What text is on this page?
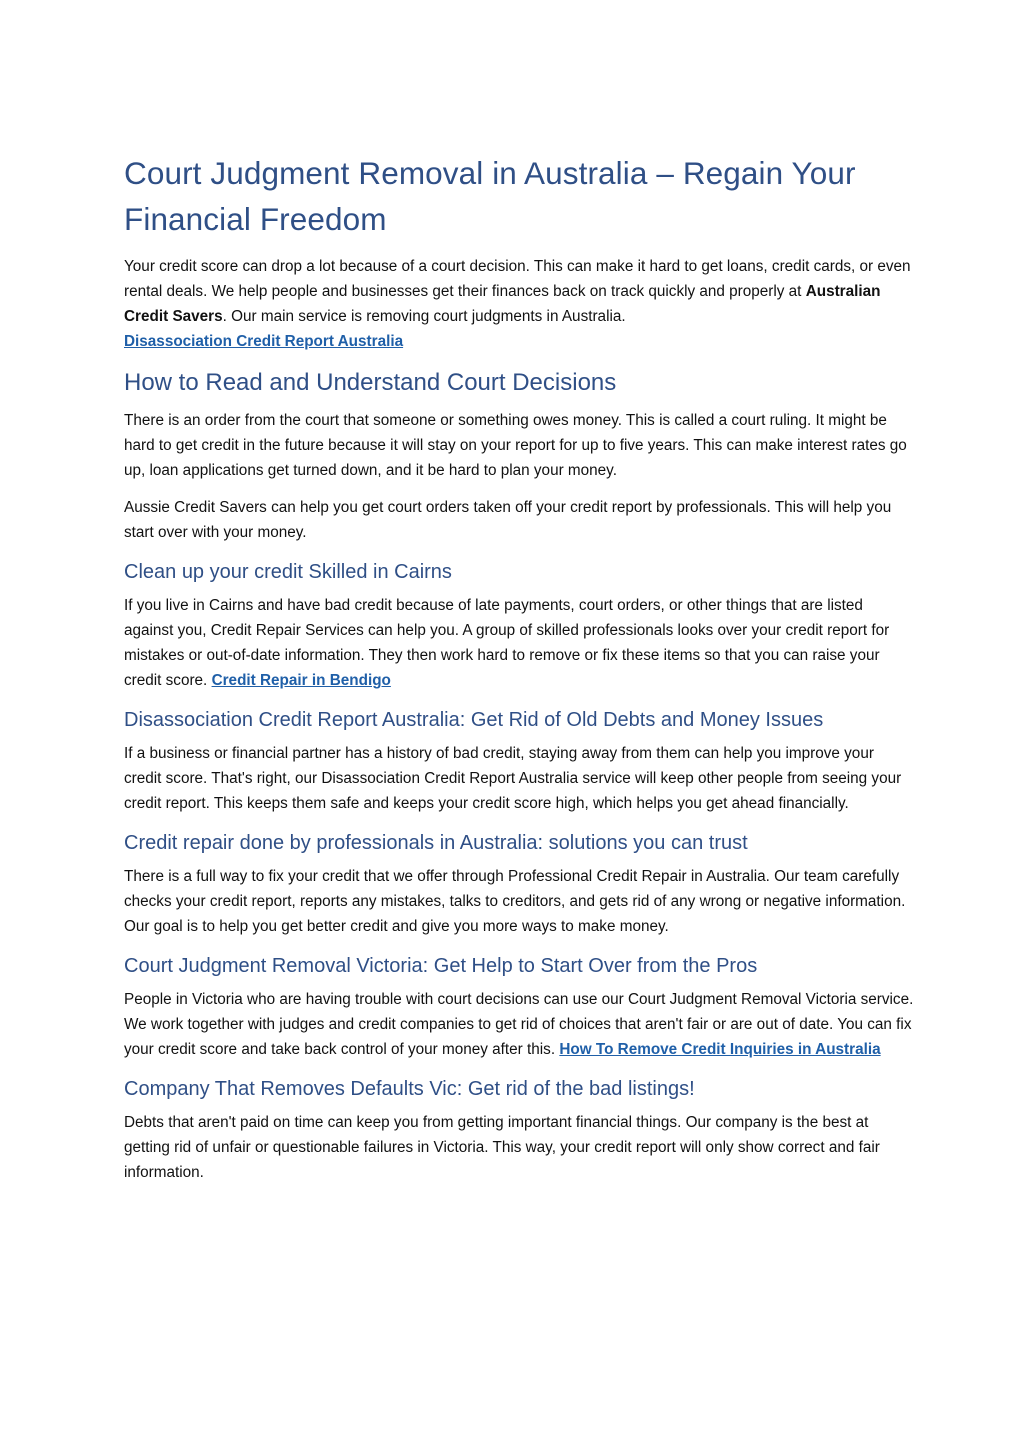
Court Judgment Removal in Australia – Regain Your Financial Freedom

Your credit score can drop a lot because of a court decision. This can make it hard to get loans, credit cards, or even rental deals. We help people and businesses get their finances back on track quickly and properly at Australian Credit Savers. Our main service is removing court judgments in Australia.
Disassociation Credit Report Australia

How to Read and Understand Court Decisions

There is an order from the court that someone or something owes money. This is called a court ruling. It might be hard to get credit in the future because it will stay on your report for up to five years. This can make interest rates go up, loan applications get turned down, and it be hard to plan your money.

Aussie Credit Savers can help you get court orders taken off your credit report by professionals. This will help you start over with your money.

Clean up your credit Skilled in Cairns

If you live in Cairns and have bad credit because of late payments, court orders, or other things that are listed against you, Credit Repair Services can help you. A group of skilled professionals looks over your credit report for mistakes or out-of-date information. They then work hard to remove or fix these items so that you can raise your credit score. Credit Repair in Bendigo

Disassociation Credit Report Australia: Get Rid of Old Debts and Money Issues

If a business or financial partner has a history of bad credit, staying away from them can help you improve your credit score. That's right, our Disassociation Credit Report Australia service will keep other people from seeing your credit report. This keeps them safe and keeps your credit score high, which helps you get ahead financially.

Credit repair done by professionals in Australia: solutions you can trust

There is a full way to fix your credit that we offer through Professional Credit Repair in Australia. Our team carefully checks your credit report, reports any mistakes, talks to creditors, and gets rid of any wrong or negative information. Our goal is to help you get better credit and give you more ways to make money.

Court Judgment Removal Victoria: Get Help to Start Over from the Pros

People in Victoria who are having trouble with court decisions can use our Court Judgment Removal Victoria service. We work together with judges and credit companies to get rid of choices that aren't fair or are out of date. You can fix your credit score and take back control of your money after this. How To Remove Credit Inquiries in Australia

Company That Removes Defaults Vic: Get rid of the bad listings!

Debts that aren't paid on time can keep you from getting important financial things. Our company is the best at getting rid of unfair or questionable failures in Victoria. This way, your credit report will only show correct and fair information.
